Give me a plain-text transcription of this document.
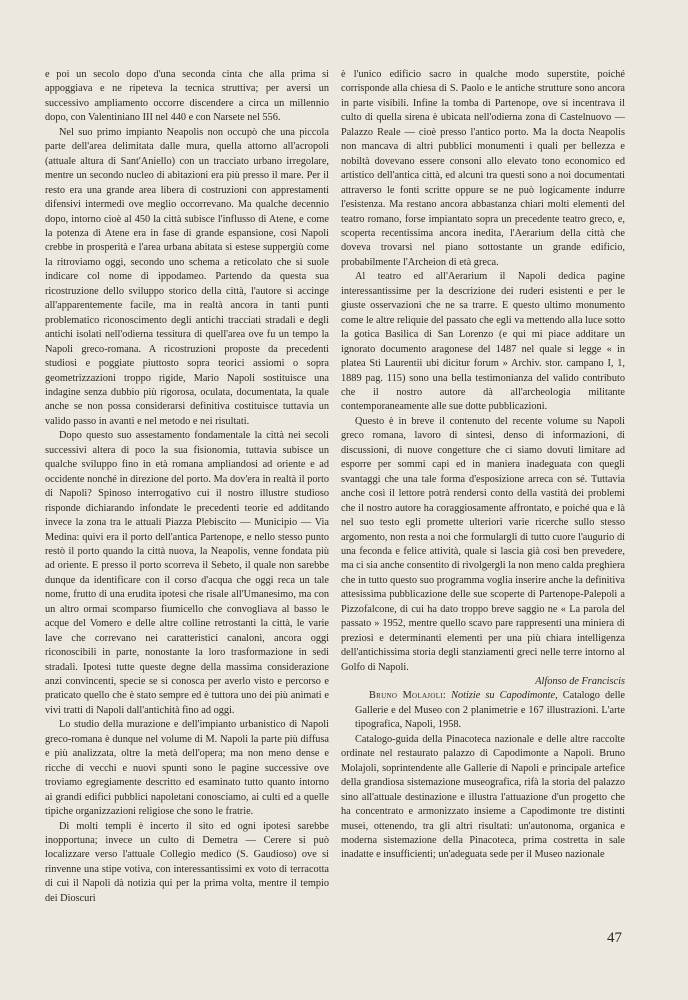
e poi un secolo dopo d'una seconda cinta che alla prima si appoggiava e ne ripeteva la tecnica struttiva; per aversi un successivo ampliamento occorre discendere a circa un millennio dopo, con Valentiniano III nel 440 e con Narsete nel 556.

Nel suo primo impianto Neapolis non occupò che una piccola parte dell'area delimitata dalle mura, quella attorno all'acropoli (attuale altura di Sant'Aniello) con un tracciato urbano irregolare, mentre un secondo nucleo di abitazioni era più presso il mare. Per il resto era una grande area libera di costruzioni con apprestamenti difensivi intermedi ove meglio occorrevano. Ma qualche decennio dopo, intorno cioè al 450 la città subisce l'influsso di Atene, e come la potenza di Atene era in fase di grande espansione, così Napoli crebbe in prosperità e l'area urbana abitata si estese suppergiù come la ritroviamo oggi, secondo uno schema a reticolato che si suole indicare col nome di ippodameo. Partendo da questa sua ricostruzione dello sviluppo storico della città, l'autore si accinge all'apparentemente facile, ma in realtà ancora in tanti punti problematico riconoscimento degli antichi tracciati stradali e degli antichi isolati nell'odierna tessitura di quell'area ove fu un tempo la Napoli greco-romana. A ricostruzioni proposte da precedenti studiosi e poggiate piuttosto sopra teorici assiomi o sopra geometrizzazioni troppo rigide, Mario Napoli sostituisce una indagine senza dubbio più rigorosa, oculata, documentata, la quale anche se non possa considerarsi definitiva costituisce tuttavia un valido passo in avanti e nel metodo e nei risultati.

Dopo questo suo assestamento fondamentale la città nei secoli successivi altera di poco la sua fisionomia, tuttavia subisce un qualche sviluppo fino in età romana ampliandosi ad oriente e ad occidente nonché in direzione del porto. Ma dov'era in realtà il porto di Napoli? Spinoso interrogativo cui il nostro illustre studioso risponde dichiarando infondate le precedenti teorie ed additando invece la zona tra le attuali Piazza Plebiscito — Municipio — Via Medina: quivi era il porto dell'antica Partenope, e nello stesso punto restò il porto quando la città nuova, la Neapolis, venne fondata più ad oriente. E presso il porto scorreva il Sebeto, il quale non sarebbe dunque da identificare con il corso d'acqua che oggi reca un tale nome, frutto di una erudita ipotesi che risale all'Umanesimo, ma con un altro ormai scomparso fiumicello che convogliava al basso le acque del Vomero e delle altre colline retrostanti la città, le varie lave che correvano nei caratteristici canaloni, ancora oggi riconoscibili in parte, nonostante la loro trasformazione in sedi stradali. Ipotesi tutte queste degne della massima considerazione anzi convincenti, specie se si conosca per averlo visto e percorso e praticato quello che è stato sempre ed è tuttora uno dei più animati e vivi tratti di Napoli dall'antichità fino ad oggi.

Lo studio della murazione e dell'impianto urbanistico di Napoli greco-romana è dunque nel volume di M. Napoli la parte più diffusa e più analizzata, oltre la metà dell'opera; ma non meno dense e ricche di vecchi e nuovi spunti sono le pagine successive ove troviamo egregiamente descritto ed esaminato tutto quanto intorno ai grandi edifici pubblici napoletani conosciamo, ai culti ed a quelle tipiche organizzazioni religiose che sono le fratrie.

Di molti templi è incerto il sito ed ogni ipotesi sarebbe inopportuna; invece un culto di Demetra — Cerere si può localizzare verso l'attuale Collegio medico (S. Gaudioso) ove si rinvenne una stipe votiva, con interessantissimi ex voto di terracotta di cui il Napoli dà notizia qui per la prima volta, mentre il tempio dei Dioscuri

è l'unico edificio sacro in qualche modo superstite, poiché corrisponde alla chiesa di S. Paolo e le antiche strutture sono ancora in parte visibili. Infine la tomba di Partenope, ove si incentrava il culto di quella sirena è ubicata nell'odierna zona di Castelnuovo — Palazzo Reale — cioè presso l'antico porto. Ma la docta Neapolis non mancava di altri pubblici monumenti i quali per bellezza e nobiltà dovevano essere consoni allo elevato tono economico ed artistico dell'antica città, ed alcuni tra questi sono a noi documentati attraverso le fonti scritte oppure se ne può logicamente indurre l'esistenza. Ma restano ancora abbastanza chiari molti elementi del teatro romano, forse impiantato sopra un precedente teatro greco, e, scoperta recentissima ancora inedita, l'Aerarium della città che doveva trovarsi nel piano sottostante un grande edificio, probabilmente l'Archeion di età greca.

Al teatro ed all'Aerarium il Napoli dedica pagine interessantissime per la descrizione dei ruderi esistenti e per le giuste osservazioni che ne sa trarre. E questo ultimo monumento come le altre reliquie del passato che egli va mettendo alla luce sotto la gotica Basilica di San Lorenzo (e qui mi piace additare un ignorato documento aragonese del 1487 nel quale si legge « in platea Sti Laurentii ubi dicitur forum » Archiv. stor. campano I, 1, 1889 pag. 115) sono una bella testimonianza del valido contributo che il nostro autore dà all'archeologia militante contemporaneamente alle sue dotte pubblicazioni.

Questo è in breve il contenuto del recente volume su Napoli greco romana, lavoro di sintesi, denso di informazioni, di discussioni, di nuove congetture che ci siamo dovuti limitare ad esporre per sommi capi ed in maniera inadeguata con quegli svantaggi che una tale forma d'esposizione arreca con sé. Tuttavia anche così il lettore potrà rendersi conto della vastità dei problemi che il nostro autore ha coraggiosamente affrontato, e poiché qua e là nel suo testo egli promette ulteriori varie ricerche sullo stesso argomento, non resta a noi che formulargli di tutto cuore l'augurio di una feconda e felice attività, quale si lascia già così ben prevedere, ma ci sia anche consentito di rivolgergli la non meno calda preghiera che in tutto questo suo programma voglia inserire anche la definitiva attesissima pubblicazione delle sue scoperte di Partenope-Palepoli a Pizzofalcone, di cui ha dato troppo breve saggio ne « La parola del passato » 1952, mentre quello scavo pare rappresenti una miniera di preziosi e determinanti elementi per una più chiara intelligenza dell'antichissima storia degli stanziamenti greci nelle terre intorno al Golfo di Napoli.

Alfonso de Franciscis

Bruno Molajoli: Notizie su Capodimonte, Catalogo delle Gallerie e del Museo con 2 planimetrie e 167 illustrazioni. L'arte tipografica, Napoli, 1958.

Catalogo-guida della Pinacoteca nazionale e delle altre raccolte ordinate nel restaurato palazzo di Capodimonte a Napoli. Bruno Molajoli, soprintendente alle Gallerie di Napoli e principale artefice della grandiosa sistemazione museografica, rifà la storia del palazzo sino all'attuale destinazione e illustra l'attuazione d'un progetto che ha concentrato e armonizzato insieme a Capodimonte tre distinti musei, ottenendo, tra gli altri risultati: un'autonoma, organica e moderna sistemazione della Pinacoteca, prima costretta in sale inadatte e insufficienti; un'adeguata sede per il Museo nazionale

47
